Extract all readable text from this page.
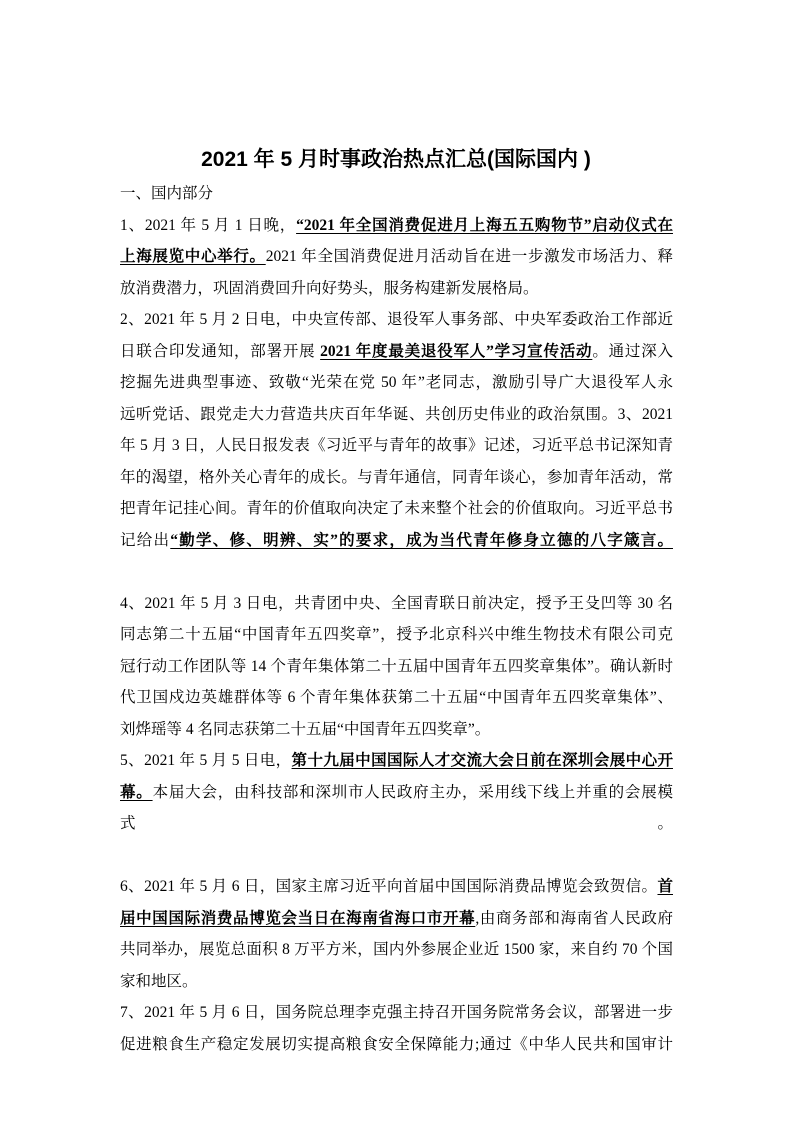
2021 年 5 月时事政治热点汇总(国际国内 )
一、国内部分
1、2021 年 5 月 1 日晚，“2021 年全国消费促进月上海五五购物节”启动仪式在
上海展览中心举行。2021 年全国消费促进月活动旨在进一步激发市场活力、释
放消费潜力，巩固消费回升向好势头，服务构建新发展格局。
2、2021 年 5 月 2 日电，中央宣传部、退役军人事务部、中央军委政治工作部近
日联合印发通知，部署开展 2021 年度最美退役军人”学习宣传活动。通过深入
挖掘先进典型事迹、致敬“光荣在党 50 年”老同志，激励引导广大退役军人永
远听党话、跟党走大力营造共庆百年华诞、共创历史伟业的政治氛围。3、2021
年 5 月 3 日，人民日报发表《习近平与青年的故事》记述，习近平总书记深知青
年的渴望，格外关心青年的成长。与青年通信，同青年谈心，参加青年活动，常
把青年记挂心间。青年的价值取向决定了未来整个社会的价值取向。习近平总书
记给出“勤学、修、明辨、实”的要求，成为当代青年修身立德的八字箴言。
4、2021 年 5 月 3 日电，共青团中央、全国青联日前决定，授予王殳凹等 30 名
同志第二十五届“中国青年五四奖章”，授予北京科兴中维生物技术有限公司克
冠行动工作团队等 14 个青年集体第二十五届中国青年五四奖章集体”。确认新时
代卫国戍边英雄群体等 6 个青年集体获第二十五届“中国青年五四奖章集体”、
刘烨瑶等 4 名同志获第二十五届“中国青年五四奖章”。
5、2021 年 5 月 5 日电，第十九届中国国际人才交流大会日前在深圳会展中心开
幕。本届大会，由科技部和深圳市人民政府主办，采用线下线上并重的会展模式。
6、2021 年 5 月 6 日，国家主席习近平向首届中国国际消费品博览会致贺信。首
届中国国际消费品博览会当日在海南省海口市开幕,由商务部和海南省人民政府
共同举办，展览总面积 8 万平方米，国内外参展企业近 1500 家，来自约 70 个国
家和地区。
7、2021 年 5 月 6 日，国务院总理李克强主持召开国务院常务会议，部署进一步
促进粮食生产稳定发展切实提高粮食安全保障能力;通过《中华人民共和国审计
